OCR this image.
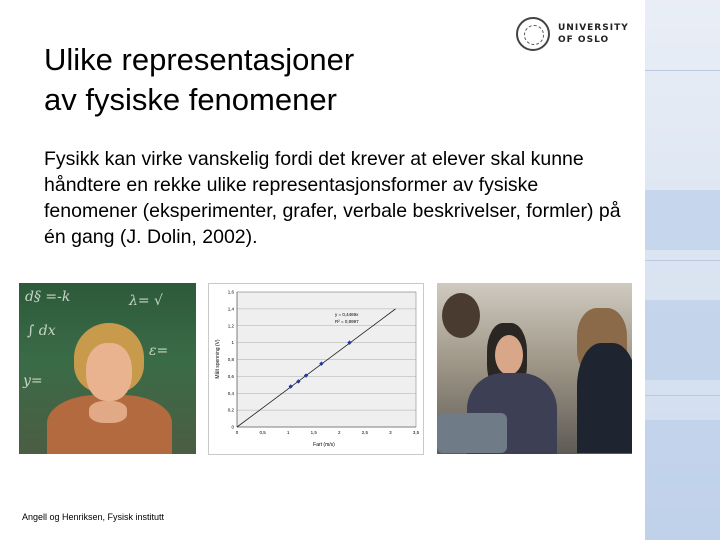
UNIVERSITY
OF OSLO
Ulike representasjoner
av fysiske fenomener
Fysikk kan virke vanskelig fordi det krever at elever skal kunne håndtere en rekke ulike representasjonsformer av fysiske fenomener (eksperimenter, grafer, verbale beskrivelser, formler) på én gang (J. Dolin, 2002).
d§ =-k	λ= √
∫ dx
ε=
y=
0
0,2
0,4
0,6
0,8
1
1,2
1,4
1,6
0	0,5	1	1,5	2	2,5	3	3,5
Fart (m/s)
Målt spenning (V)
y = 0,4469x
R² = 0,9997
Angell og Henriksen, Fysisk institutt
